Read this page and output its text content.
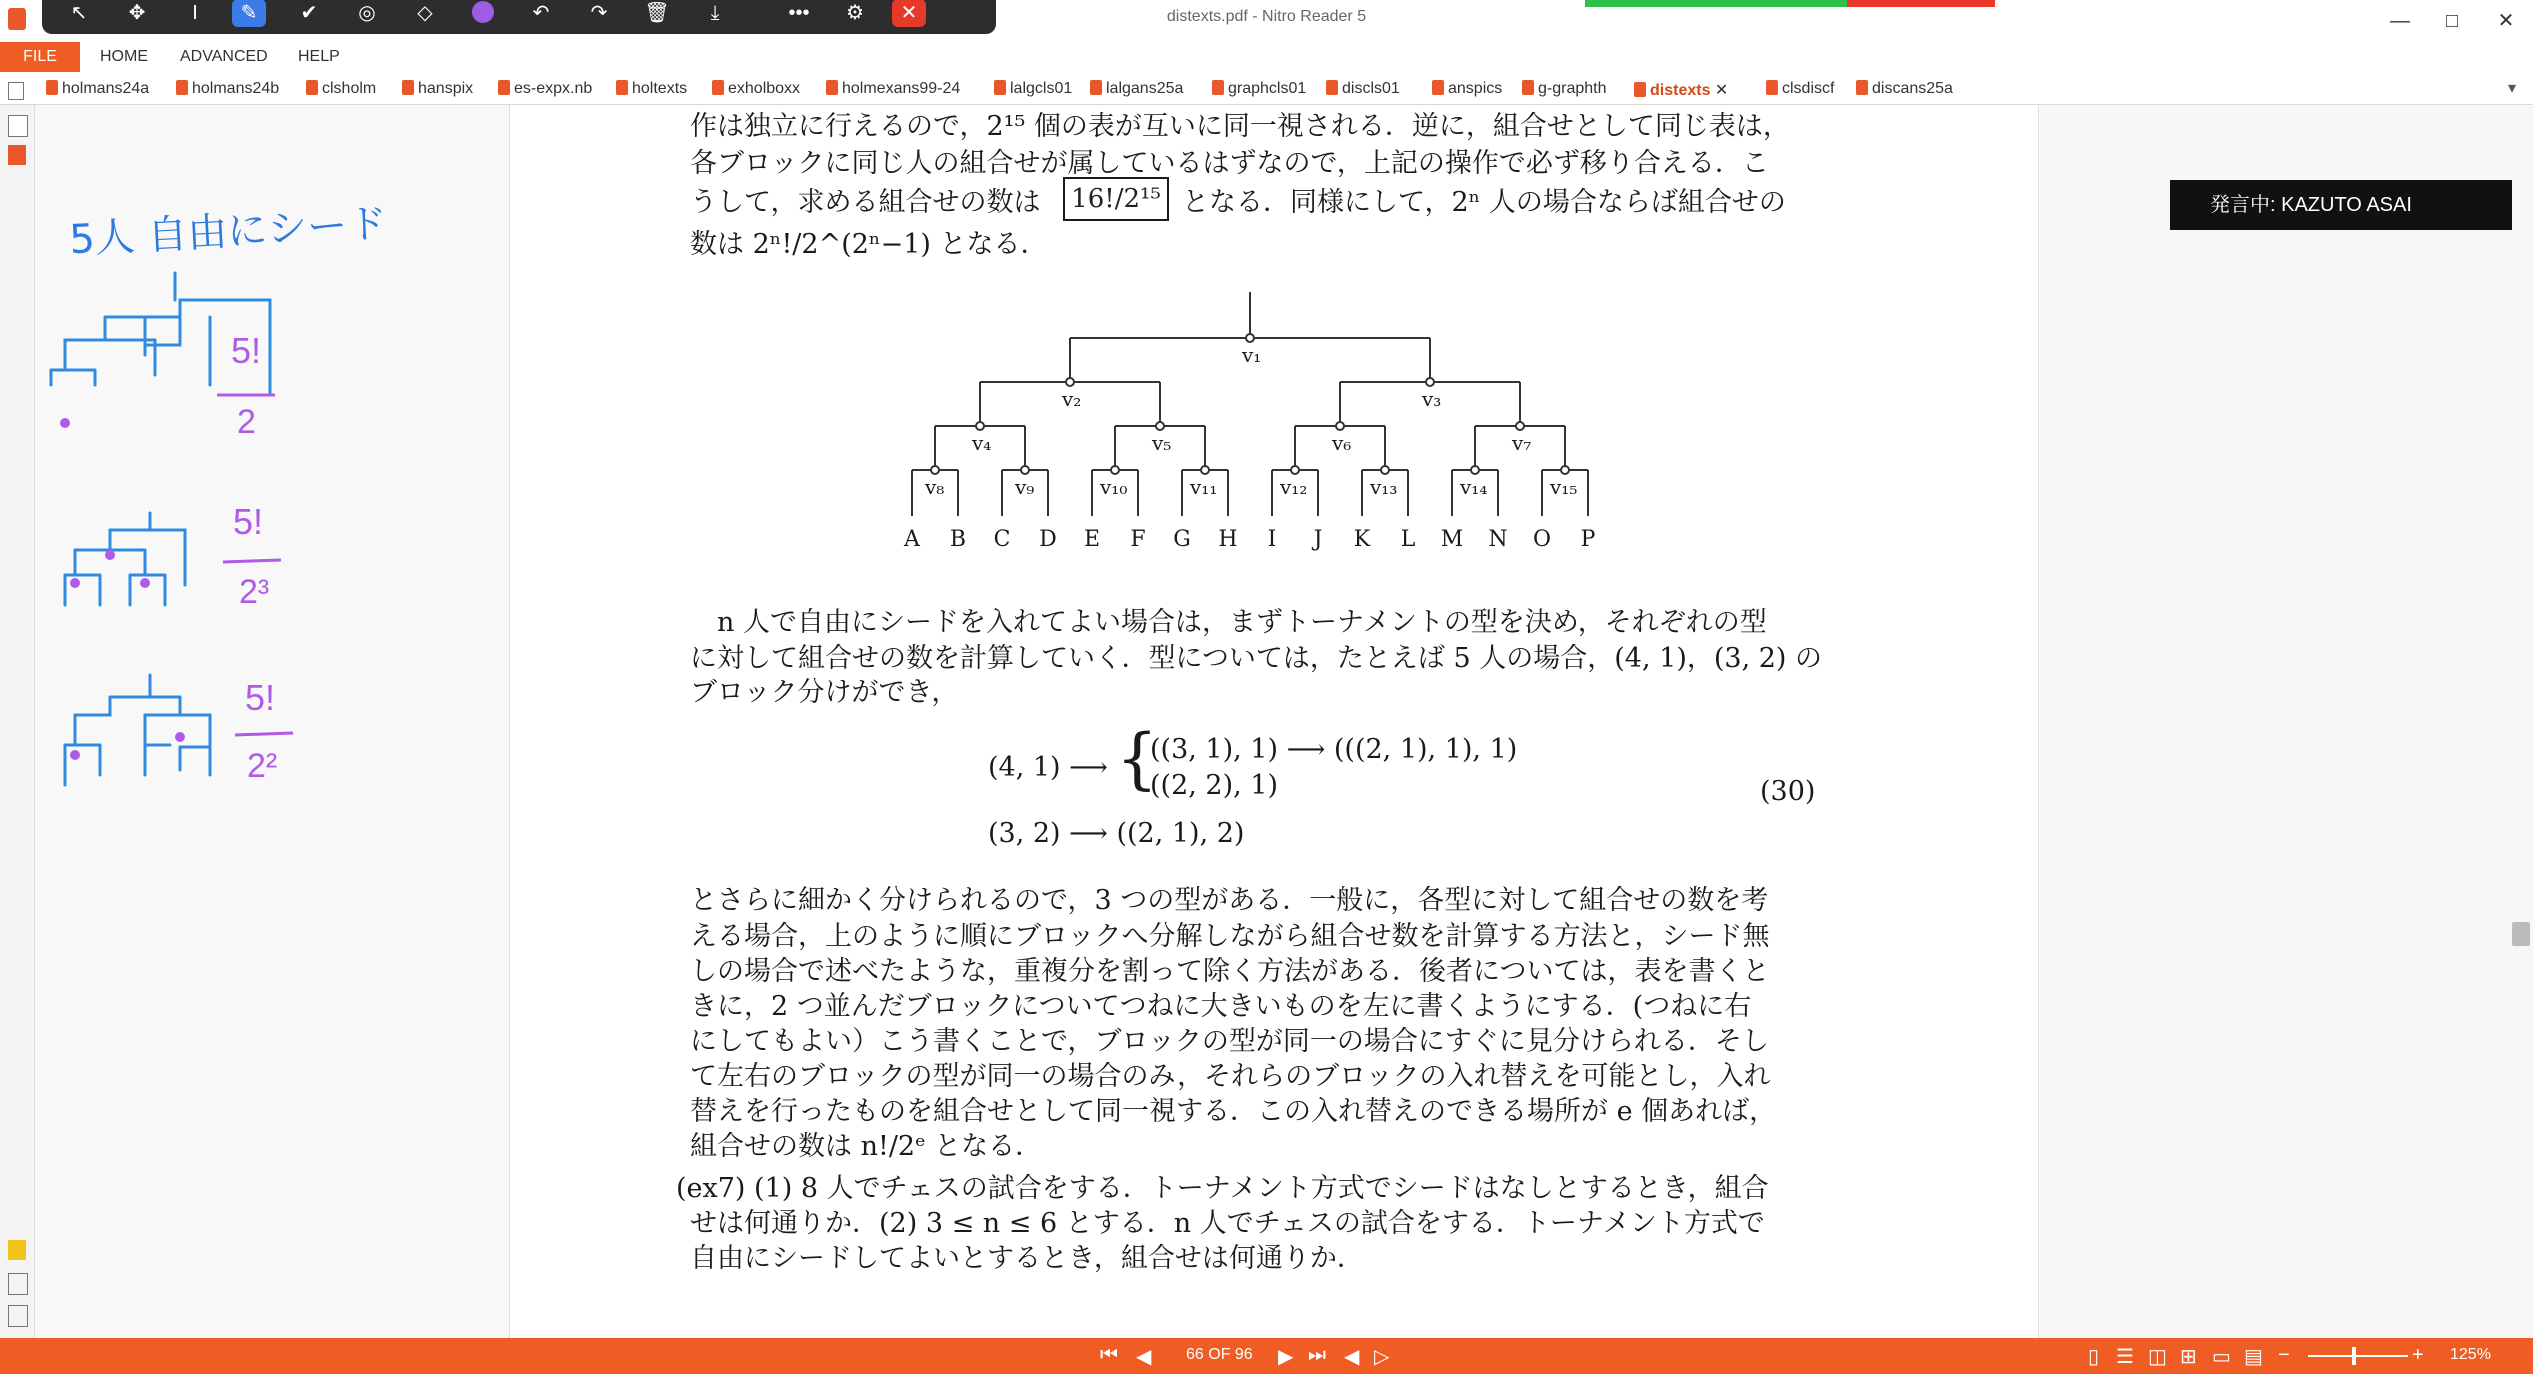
distexts.pdf - Nitro Reader 5	—	□	✕
↖	✥	I	✎	✔	◎	◇	↶	↷	🗑	⤓	•••	⚙	✕
FILE	HOME ADVANCED HELP
holmans24a	holmans24b	clsholm	hanspix	es-expx.nb	holtexts	exholboxx	holmexans99-24	lalgcls01	lalgans25a	graphcls01	discls01	anspics	g-graphth	distexts ✕	clsdiscf	discans25a	▾
5人 自由にシード
5!
2
5!
2³
5!
2²
作は独立に行えるので，2¹⁵ 個の表が互いに同一視される．逆に，組合せとして同じ表は，
各ブロックに同じ人の組合せが属しているはずなので，上記の操作で必ず移り合える．こ
うして，求める組合せの数は	16!/2¹⁵ となる．同様にして，2ⁿ 人の場合ならば組合せの
数は 2ⁿ!/2^(2ⁿ−1) となる．
v₁
v₂	v₃
v₄	v₅	v₆	v₇
v₈	v₉	v₁₀	v₁₁	v₁₂	v₁₃	v₁₄	v₁₅
A B C D E F G H I J K L M N O P
　n 人で自由にシードを入れてよい場合は，まずトーナメントの型を決め，それぞれの型
に対して組合せの数を計算していく．型については，たとえば 5 人の場合，(4, 1)，(3, 2) の
ブロック分けができ，
(4, 1) ⟶ {
((3, 1), 1) ⟶ (((2, 1), 1), 1)
((2, 2), 1)
(3, 2) ⟶ ((2, 1), 2)
(30)
とさらに細かく分けられるので，3 つの型がある．一般に，各型に対して組合せの数を考
える場合，上のように順にブロックへ分解しながら組合せ数を計算する方法と，シード無
しの場合で述べたような，重複分を割って除く方法がある．後者については，表を書くと
きに，2 つ並んだブロックについてつねに大きいものを左に書くようにする．(つねに右
にしてもよい）こう書くことで，ブロックの型が同一の場合にすぐに見分けられる．そし
て左右のブロックの型が同一の場合のみ，それらのブロックの入れ替えを可能とし，入れ
替えを行ったものを組合せとして同一視する．この入れ替えのできる場所が e 個あれば，
組合せの数は n!/2ᵉ となる．
(ex7) (1) 8 人でチェスの試合をする．トーナメント方式でシードはなしとするとき，組合
せは何通りか．(2) 3 ≤ n ≤ 6 とする．n 人でチェスの試合をする．トーナメント方式で
自由にシードしてよいとするとき，組合せは何通りか．
発言中: KAZUTO ASAI
⏮ ◀ 66 OF 96 ▶ ⏭ ◀ ▷	▯ ☰ ◫ ⊞ ▭ ▤ −	+ 125%
